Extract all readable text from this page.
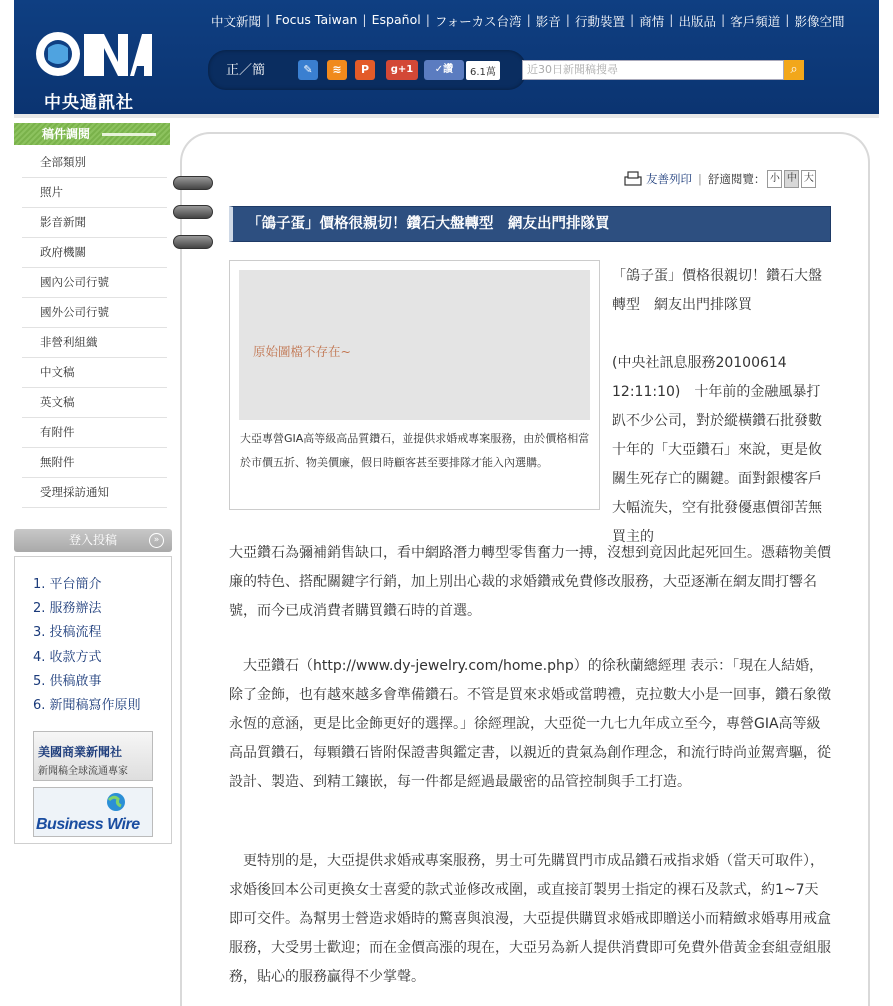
中央通訊社
中文新聞 | Focus Taiwan | Español | フォーカス台湾 | 影音 | 行動裝置 | 商情 | 出版品 | 客戶頻道 | 影像空間
正／簡	✎	≋	P	g+1	✓讚	6.1萬	近30日新聞稿搜尋	⌕
稿件調閱
全部類別
照片
影音新聞
政府機關
國內公司行號
國外公司行號
非營利組織
中文稿
英文稿
有附件
無附件
受理採訪通知
登入投稿	»
1. 平台簡介
2. 服務辦法
3. 投稿流程
4. 收款方式
5. 供稿啟事
6. 新聞稿寫作原則
美國商業新聞社
新聞稿全球流通專家
Business Wire
友善列印 | 舒適閱覽： 小 中 大
「鴿子蛋」價格很親切！鑽石大盤轉型　網友出門排隊買
原始圖檔不存在~
大亞專營GIA高等級高品質鑽石，並提供求婚戒專案服務，由於價格相當於市價五折、物美價廉，假日時顧客甚至要排隊才能入內選購。
「鴿子蛋」價格很親切！鑽石大盤轉型　網友出門排隊買
(中央社訊息服務20100614 12:11:10)　十年前的金融風暴打趴不少公司，對於縱橫鑽石批發數十年的「大亞鑽石」來說，更是攸關生死存亡的關鍵。面對銀樓客戶大幅流失，空有批發優惠價卻苦無買主的
大亞鑽石為彌補銷售缺口，看中網路潛力轉型零售奮力一搏，沒想到竟因此起死回生。憑藉物美價廉的特色、搭配關鍵字行銷，加上別出心裁的求婚鑽戒免費修改服務，大亞逐漸在網友間打響名號，而今已成消費者購買鑽石時的首選。
　大亞鑽石（http://www.dy-jewelry.com/home.php）的徐秋蘭總經理 表示：「現在人結婚，除了金飾，也有越來越多會準備鑽石。不管是買來求婚或當聘禮，克拉數大小是一回事，鑽石象徵永恆的意涵，更是比金飾更好的選擇。」徐經理說，大亞從一九七九年成立至今，專營GIA高等級高品質鑽石，每顆鑽石皆附保證書與鑑定書，以親近的貴氣為創作理念，和流行時尚並駕齊驅，從設計、製造、到精工鑲嵌，每一件都是經過最嚴密的品管控制與手工打造。
　更特別的是，大亞提供求婚戒專案服務，男士可先購買門市成品鑽石戒指求婚（當天可取件），求婚後回本公司更換女士喜愛的款式並修改戒圍，或直接訂製男士指定的裸石及款式，約1~7天即可交件。為幫男士營造求婚時的驚喜與浪漫，大亞提供購買求婚戒即贈送小而精緻求婚專用戒盒服務，大受男士歡迎；而在金價高漲的現在，大亞另為新人提供消費即可免費外借黃金套組壹組服務，貼心的服務贏得不少掌聲。
